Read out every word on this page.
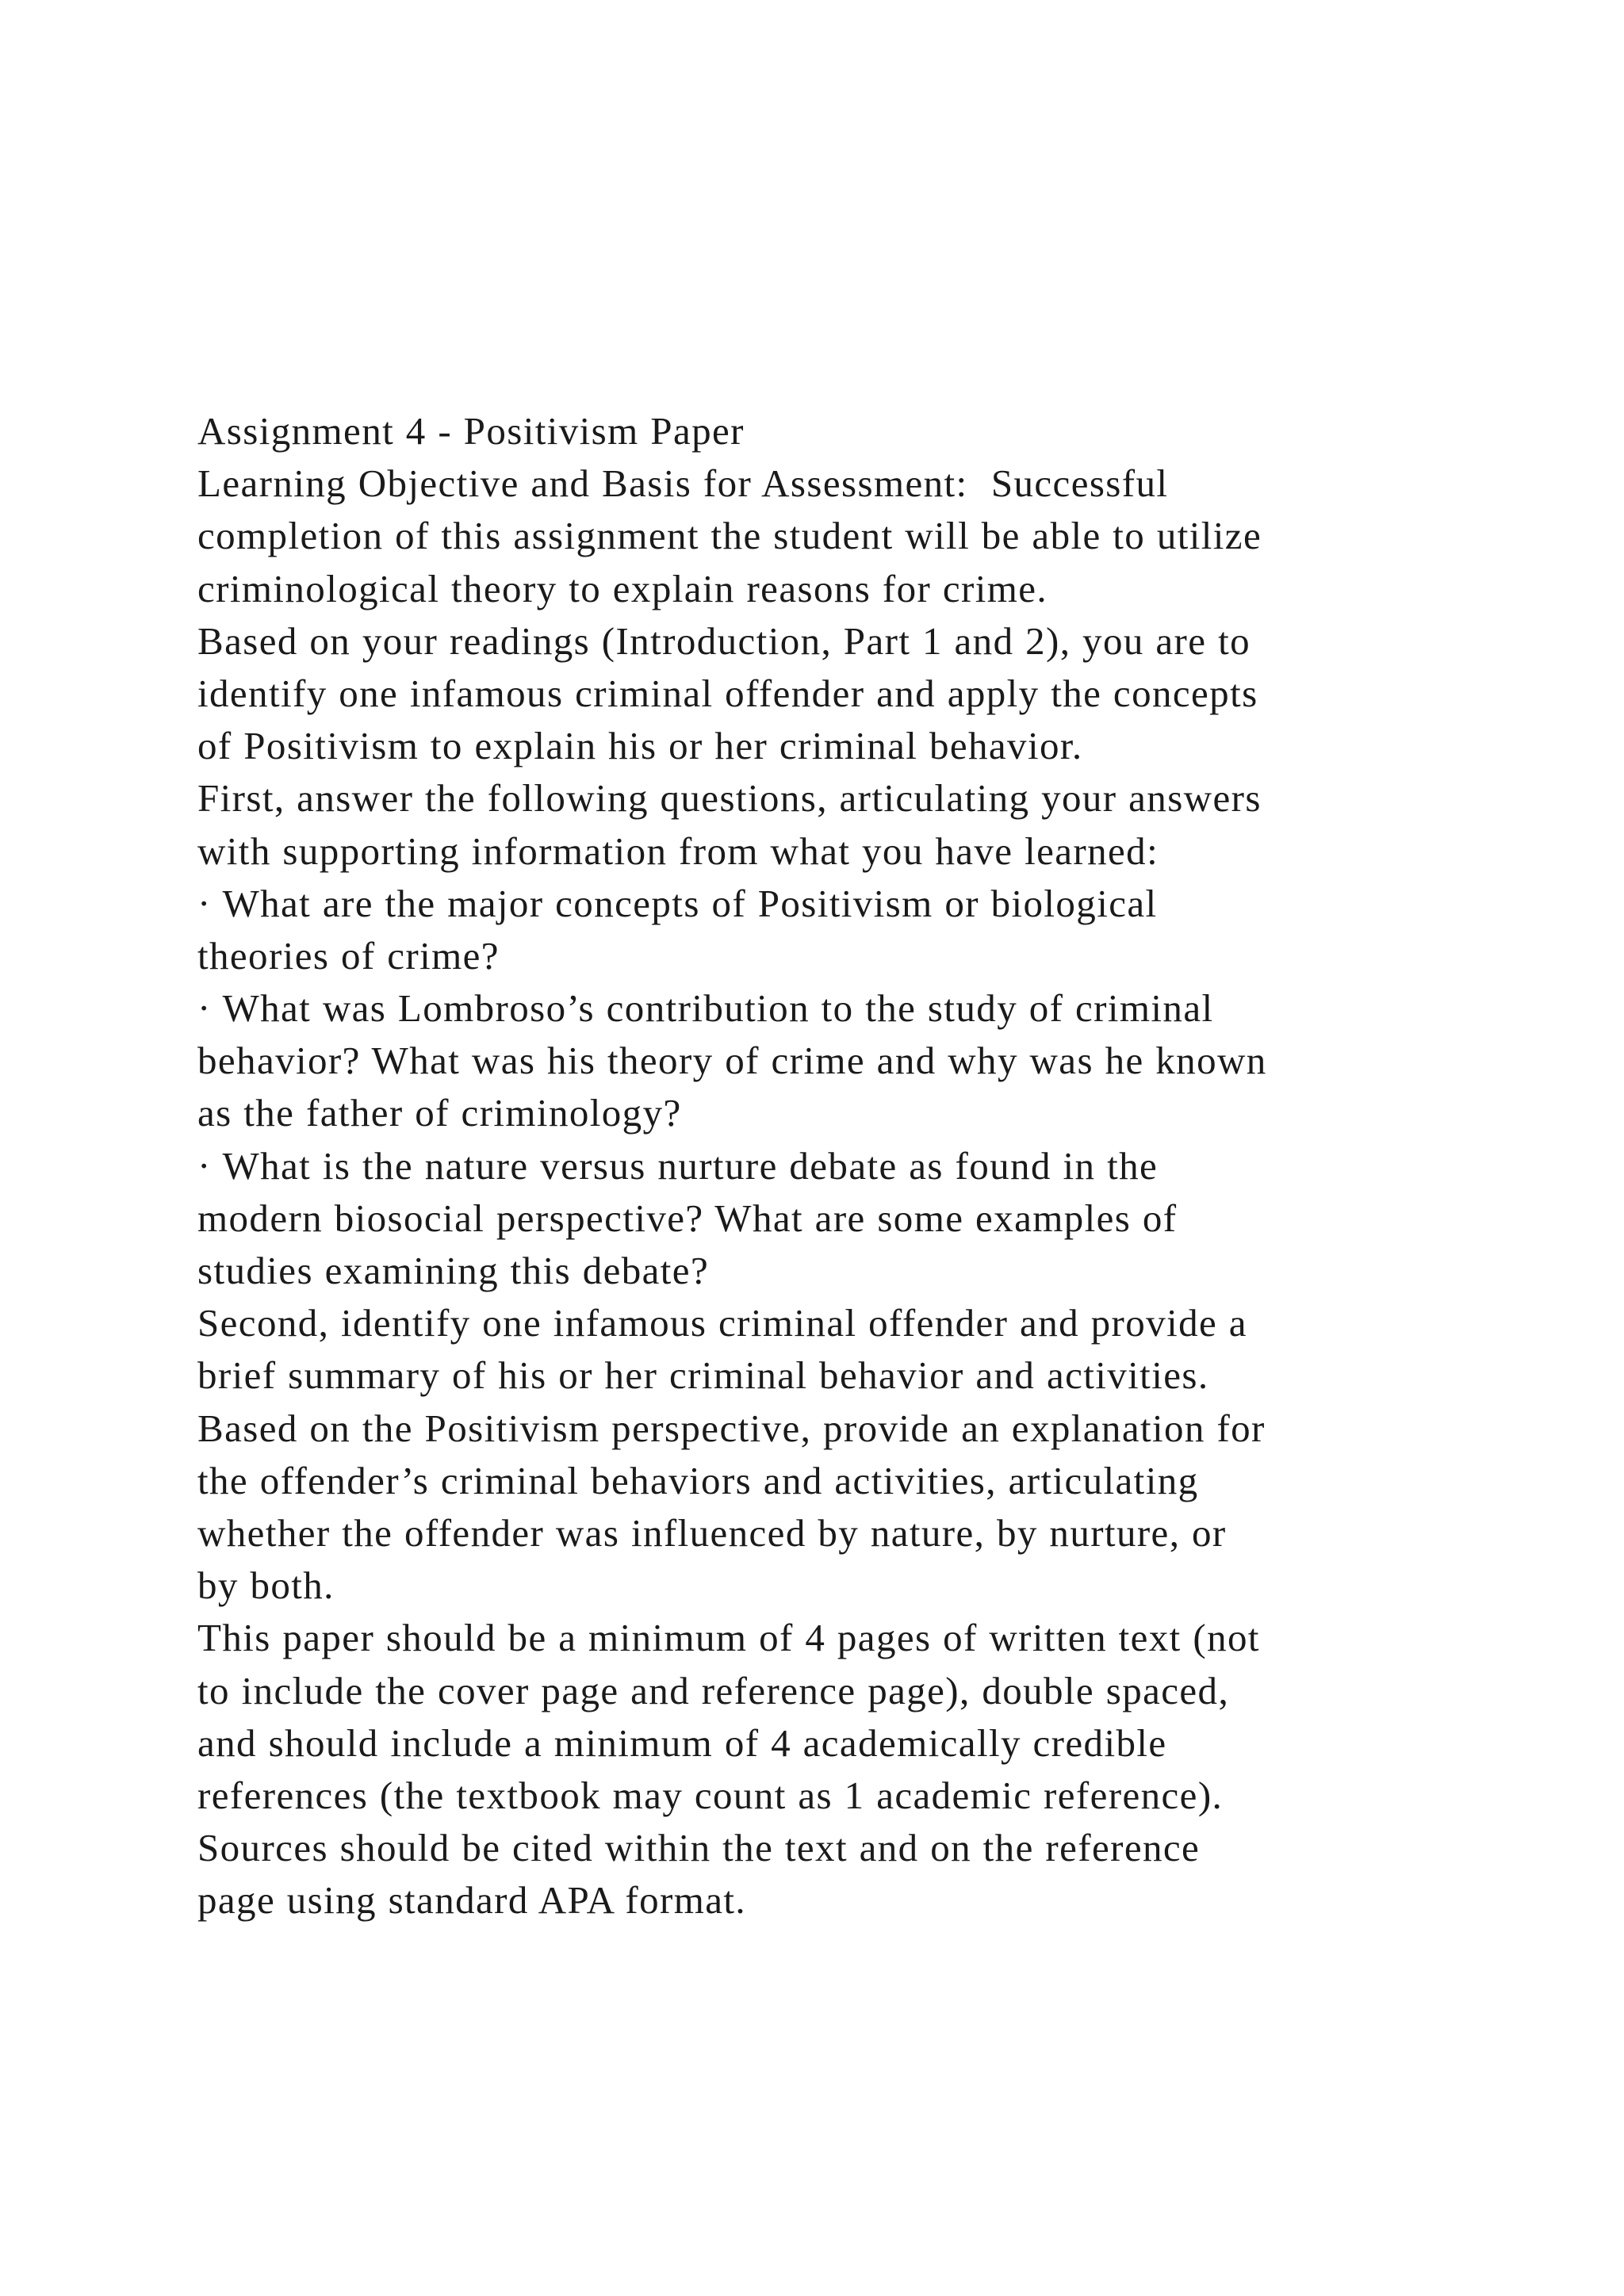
Assignment 4 - Positivism Paper
Learning Objective and Basis for Assessment:  Successful
completion of this assignment the student will be able to utilize
criminological theory to explain reasons for crime.
Based on your readings (Introduction, Part 1 and 2), you are to
identify one infamous criminal offender and apply the concepts
of Positivism to explain his or her criminal behavior.
First, answer the following questions, articulating your answers
with supporting information from what you have learned:
· What are the major concepts of Positivism or biological
theories of crime?
· What was Lombroso’s contribution to the study of criminal
behavior? What was his theory of crime and why was he known
as the father of criminology?
· What is the nature versus nurture debate as found in the
modern biosocial perspective? What are some examples of
studies examining this debate?
Second, identify one infamous criminal offender and provide a
brief summary of his or her criminal behavior and activities.
Based on the Positivism perspective, provide an explanation for
the offender’s criminal behaviors and activities, articulating
whether the offender was influenced by nature, by nurture, or
by both.
This paper should be a minimum of 4 pages of written text (not
to include the cover page and reference page), double spaced,
and should include a minimum of 4 academically credible
references (the textbook may count as 1 academic reference).
Sources should be cited within the text and on the reference
page using standard APA format.
